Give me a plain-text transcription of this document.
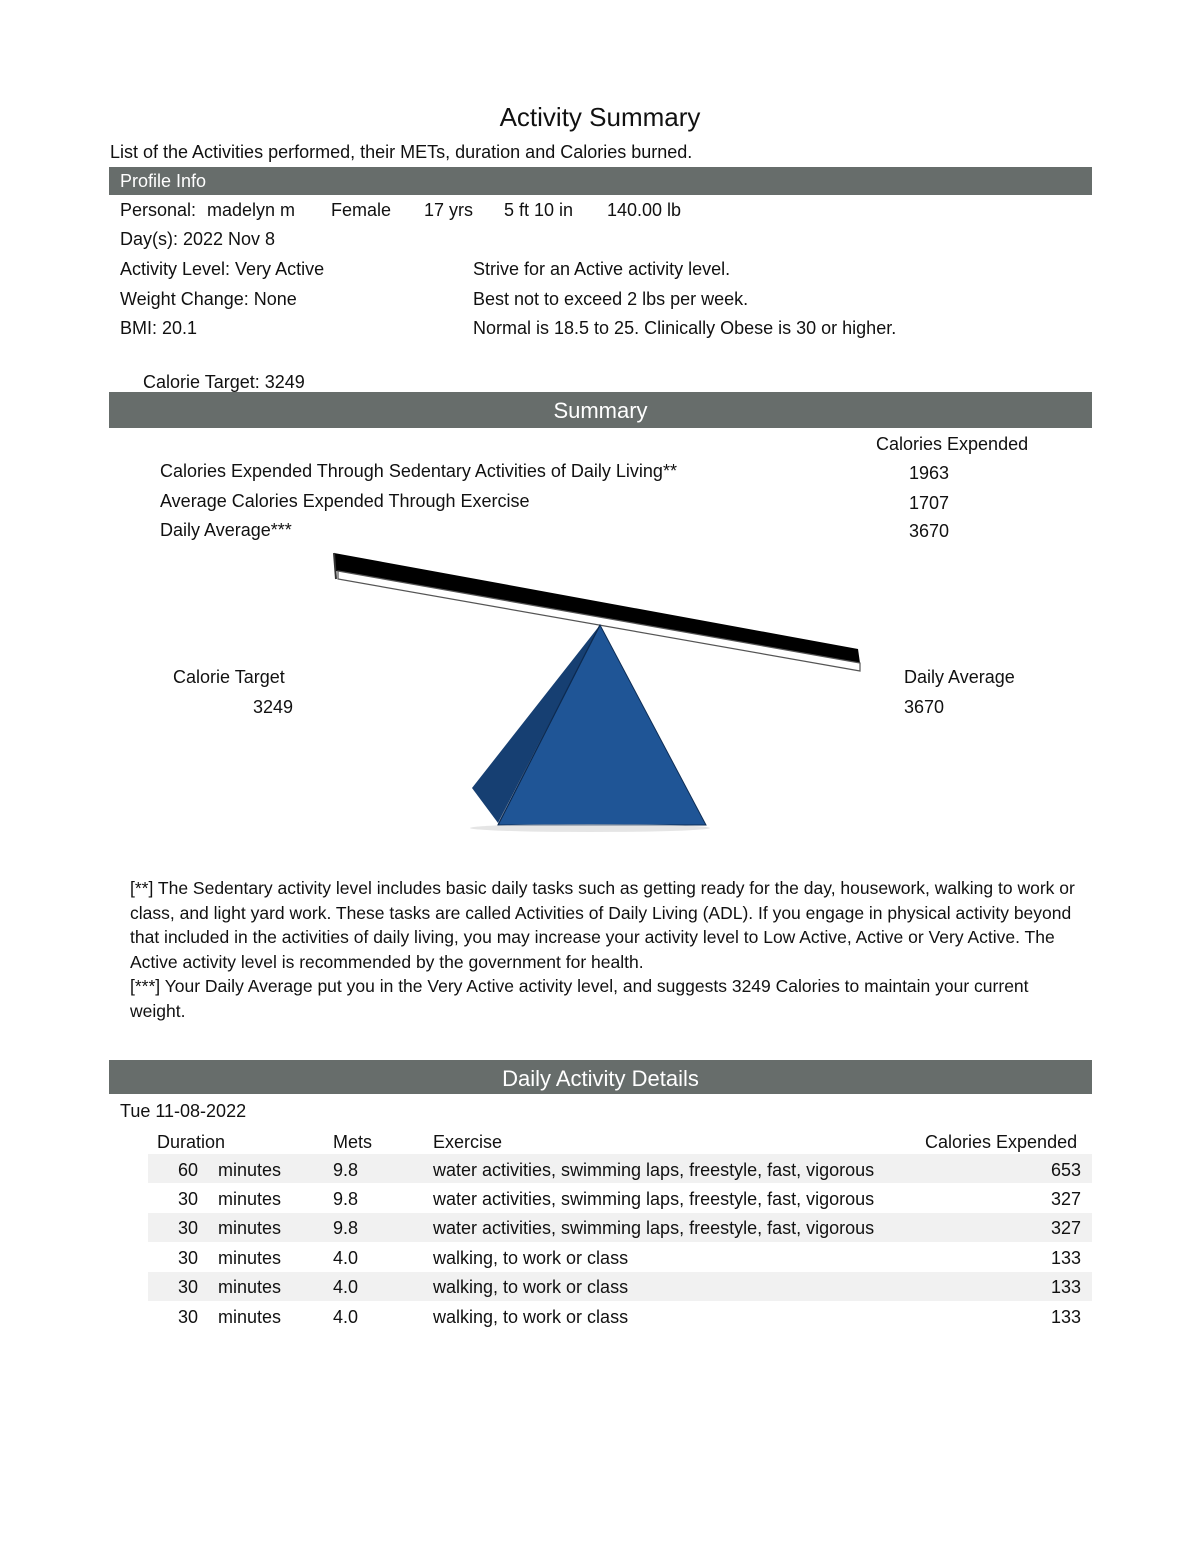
Activity Summary
List of the Activities performed, their METs, duration and Calories burned.
Profile Info
Personal: madelyn m Female 17 yrs 5 ft 10 in 140.00 lb
Day(s): 2022 Nov 8
Activity Level: Very Active	Strive for an Active activity level.
Weight Change: None	Best not to exceed 2 lbs per week.
BMI: 20.1	Normal is 18.5 to 25. Clinically Obese is 30 or higher.
Calorie Target: 3249
Summary
Calories Expended
Calories Expended Through Sedentary Activities of Daily Living**	1963
Average Calories Expended Through Exercise	1707
Daily Average***	3670
Calorie Target
3249
Daily Average
3670

[**] The Sedentary activity level includes basic daily tasks such as getting ready for the day, housework, walking to work or class, and light yard work. These tasks are called Activities of Daily Living (ADL). If you engage in physical activity beyond that included in the activities of daily living, you may increase your activity level to Low Active, Active or Very Active. The Active activity level is recommended by the government for health.

[***] Your Daily Average put you in the Very Active activity level, and suggests 3249 Calories to maintain your current weight.

Daily Activity Details
Tue 11-08-2022
Duration	Mets	Exercise	Calories Expended
60 minutes	9.8	water activities, swimming laps, freestyle, fast, vigorous	653
30 minutes	9.8	water activities, swimming laps, freestyle, fast, vigorous	327
30 minutes	9.8	water activities, swimming laps, freestyle, fast, vigorous	327
30 minutes	4.0	walking, to work or class	133
30 minutes	4.0	walking, to work or class	133
30 minutes	4.0	walking, to work or class	133
